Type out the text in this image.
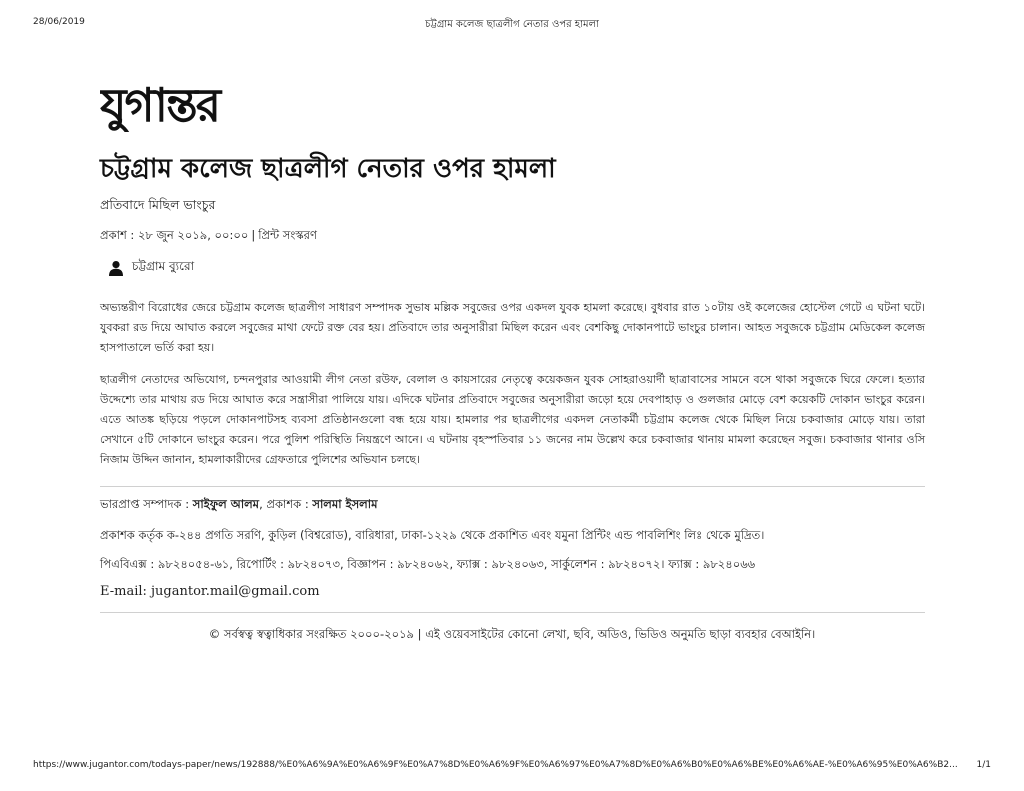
28/06/2019	চট্টগ্রাম কলেজ ছাত্রলীগ নেতার ওপর হামলা
যুগান্তর
চট্টগ্রাম কলেজ ছাত্রলীগ নেতার ওপর হামলা
প্রতিবাদে মিছিল ভাংচুর
প্রকাশ : ২৮ জুন ২০১৯, ০০:০০ | প্রিন্ট সংস্করণ
চট্টগ্রাম ব্যুরো
অভ্যন্তরীণ বিরোধের জেরে চট্টগ্রাম কলেজ ছাত্রলীগ সাধারণ সম্পাদক সুভাষ মল্লিক সবুজের ওপর একদল যুবক হামলা করেছে। বুধবার রাত ১০টায় ওই কলেজের হোস্টেল গেটে এ ঘটনা ঘটে। যুবকরা রড দিয়ে আঘাত করলে সবুজের মাথা ফেটে রক্ত বের হয়। প্রতিবাদে তার অনুসারীরা মিছিল করেন এবং বেশকিছু দোকানপাটে ভাংচুর চালান। আহত সবুজকে চট্টগ্রাম মেডিকেল কলেজ হাসপাতালে ভর্তি করা হয়।
ছাত্রলীগ নেতাদের অভিযোগ, চন্দনপুরার আওয়ামী লীগ নেতা রউফ, বেলাল ও কায়সারের নেতৃত্বে কয়েকজন যুবক সোহরাওয়ার্দী ছাত্রাবাসের সামনে বসে থাকা সবুজকে ঘিরে ফেলে। হত্যার উদ্দেশ্যে তার মাথায় রড দিয়ে আঘাত করে সন্ত্রাসীরা পালিয়ে যায়। এদিকে ঘটনার প্রতিবাদে সবুজের অনুসারীরা জড়ো হয়ে দেবপাহাড় ও গুলজার মোড়ে বেশ কয়েকটি দোকান ভাংচুর করেন। এতে আতঙ্ক ছড়িয়ে পড়লে দোকানপাটসহ ব্যবসা প্রতিষ্ঠানগুলো বন্ধ হয়ে যায়। হামলার পর ছাত্রলীগের একদল নেতাকর্মী চট্টগ্রাম কলেজ থেকে মিছিল নিয়ে চকবাজার মোড়ে যায়। তারা সেখানে ৫টি দোকানে ভাংচুর করেন। পরে পুলিশ পরিস্থিতি নিয়ন্ত্রণে আনে। এ ঘটনায় বৃহস্পতিবার ১১ জনের নাম উল্লেখ করে চকবাজার থানায় মামলা করেছেন সবুজ। চকবাজার থানার ওসি নিজাম উদ্দিন জানান, হামলাকারীদের গ্রেফতারে পুলিশের অভিযান চলছে।
ভারপ্রাপ্ত সম্পাদক : সাইফুল আলম, প্রকাশক : সালমা ইসলাম
প্রকাশক কর্তৃক ক-২৪৪ প্রগতি সরণি, কুড়িল (বিশ্বরোড), বারিধারা, ঢাকা-১২২৯ থেকে প্রকাশিত এবং যমুনা প্রিন্টিং এন্ড পাবলিশিং লিঃ থেকে মুদ্রিত।
পিএবিএক্স : ৯৮২৪০৫৪-৬১, রিপোর্টিং : ৯৮২৪০৭৩, বিজ্ঞাপন : ৯৮২৪০৬২, ফ্যাক্স : ৯৮২৪০৬৩, সার্কুলেশন : ৯৮২৪০৭২। ফ্যাক্স : ৯৮২৪০৬৬
E-mail: jugantor.mail@gmail.com
© সর্বস্বত্ব স্বত্বাধিকার সংরক্ষিত ২০০০-২০১৯ | এই ওয়েবসাইটের কোনো লেখা, ছবি, অডিও, ভিডিও অনুমতি ছাড়া ব্যবহার বেআইনি।
https://www.jugantor.com/todays-paper/news/192888/%E0%A6%9A%E0%A6%9F%E0%A7%8D%E0%A6%9F%E0%A6%97%E0%A7%8D%E0%A6%B0%E0%A6%BE%E0%A6%AE-%E0%A6%95%E0%A6%B2...	1/1
